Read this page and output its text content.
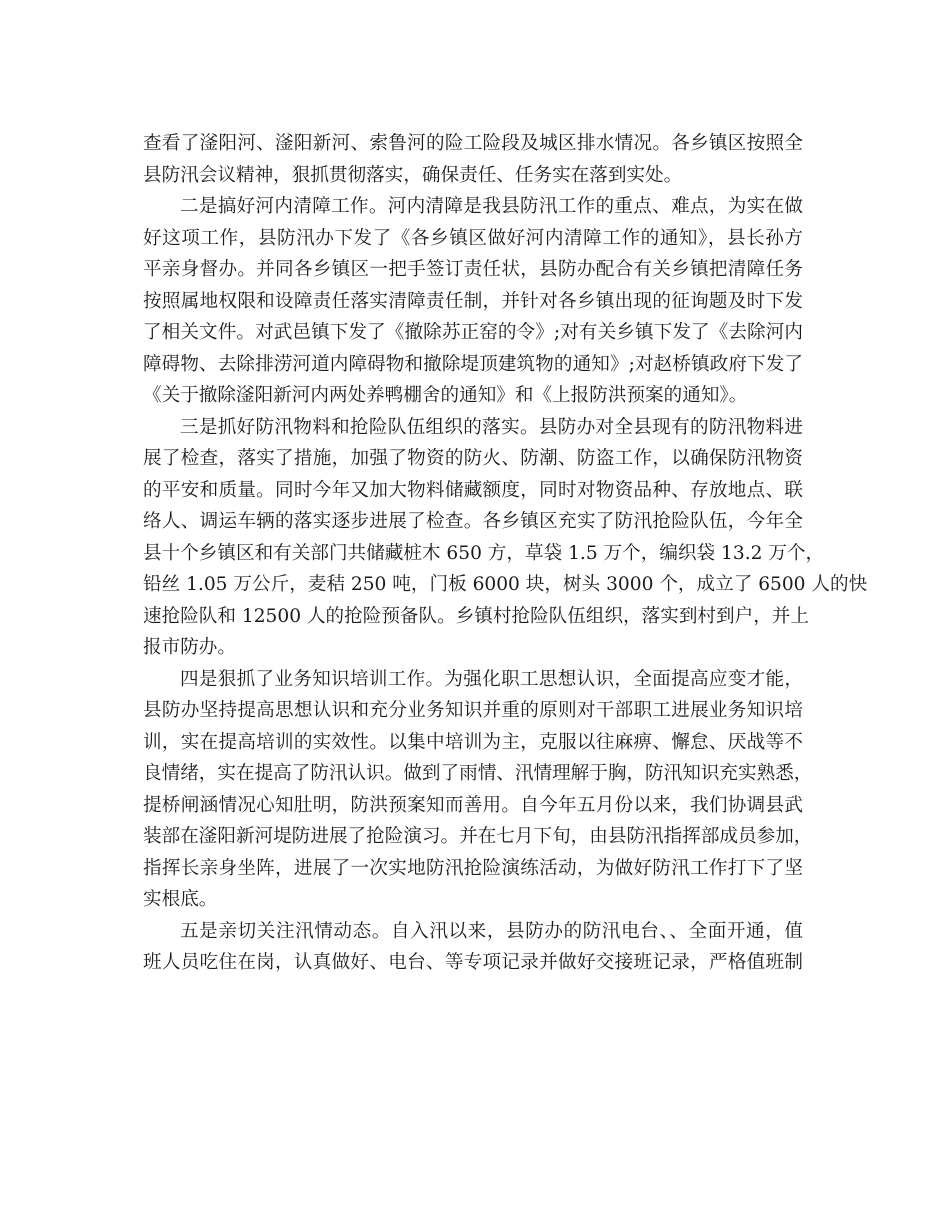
查看了滏阳河、滏阳新河、索鲁河的险工险段及城区排水情况。各乡镇区按照全
县防汛会议精神，狠抓贯彻落实，确保责任、任务实在落到实处。
二是搞好河内清障工作。河内清障是我县防汛工作的重点、难点，为实在做
好这项工作，县防汛办下发了《各乡镇区做好河内清障工作的通知》，县长孙方
平亲身督办。并同各乡镇区一把手签订责任状，县防办配合有关乡镇把清障任务
按照属地权限和设障责任落实清障责任制，并针对各乡镇出现的征询题及时下发
了相关文件。对武邑镇下发了《撤除苏正窑的令》;对有关乡镇下发了《去除河内
障碍物、去除排涝河道内障碍物和撤除堤顶建筑物的通知》;对赵桥镇政府下发了
《关于撤除滏阳新河内两处养鸭棚舍的通知》和《上报防洪预案的通知》。
三是抓好防汛物料和抢险队伍组织的落实。县防办对全县现有的防汛物料进
展了检查，落实了措施，加强了物资的防火、防潮、防盗工作，以确保防汛物资
的平安和质量。同时今年又加大物料储藏额度，同时对物资品种、存放地点、联
络人、调运车辆的落实逐步进展了检查。各乡镇区充实了防汛抢险队伍，今年全
县十个乡镇区和有关部门共储藏桩木 650 方，草袋 1.5 万个，编织袋 13.2 万个，
铅丝 1.05 万公斤，麦秸 250 吨，门板 6000 块，树头 3000 个，成立了 6500 人的快
速抢险队和 12500 人的抢险预备队。乡镇村抢险队伍组织，落实到村到户，并上
报市防办。
四是狠抓了业务知识培训工作。为强化职工思想认识，全面提高应变才能，
县防办坚持提高思想认识和充分业务知识并重的原则对干部职工进展业务知识培
训，实在提高培训的实效性。以集中培训为主，克服以往麻痹、懈怠、厌战等不
良情绪，实在提高了防汛认识。做到了雨情、汛情理解于胸，防汛知识充实熟悉，
提桥闸涵情况心知肚明，防洪预案知而善用。自今年五月份以来，我们协调县武
装部在滏阳新河堤防进展了抢险演习。并在七月下旬，由县防汛指挥部成员参加，
指挥长亲身坐阵，进展了一次实地防汛抢险演练活动，为做好防汛工作打下了坚
实根底。
五是亲切关注汛情动态。自入汛以来，县防办的防汛电台、、全面开通，值
班人员吃住在岗，认真做好、电台、等专项记录并做好交接班记录，严格值班制
